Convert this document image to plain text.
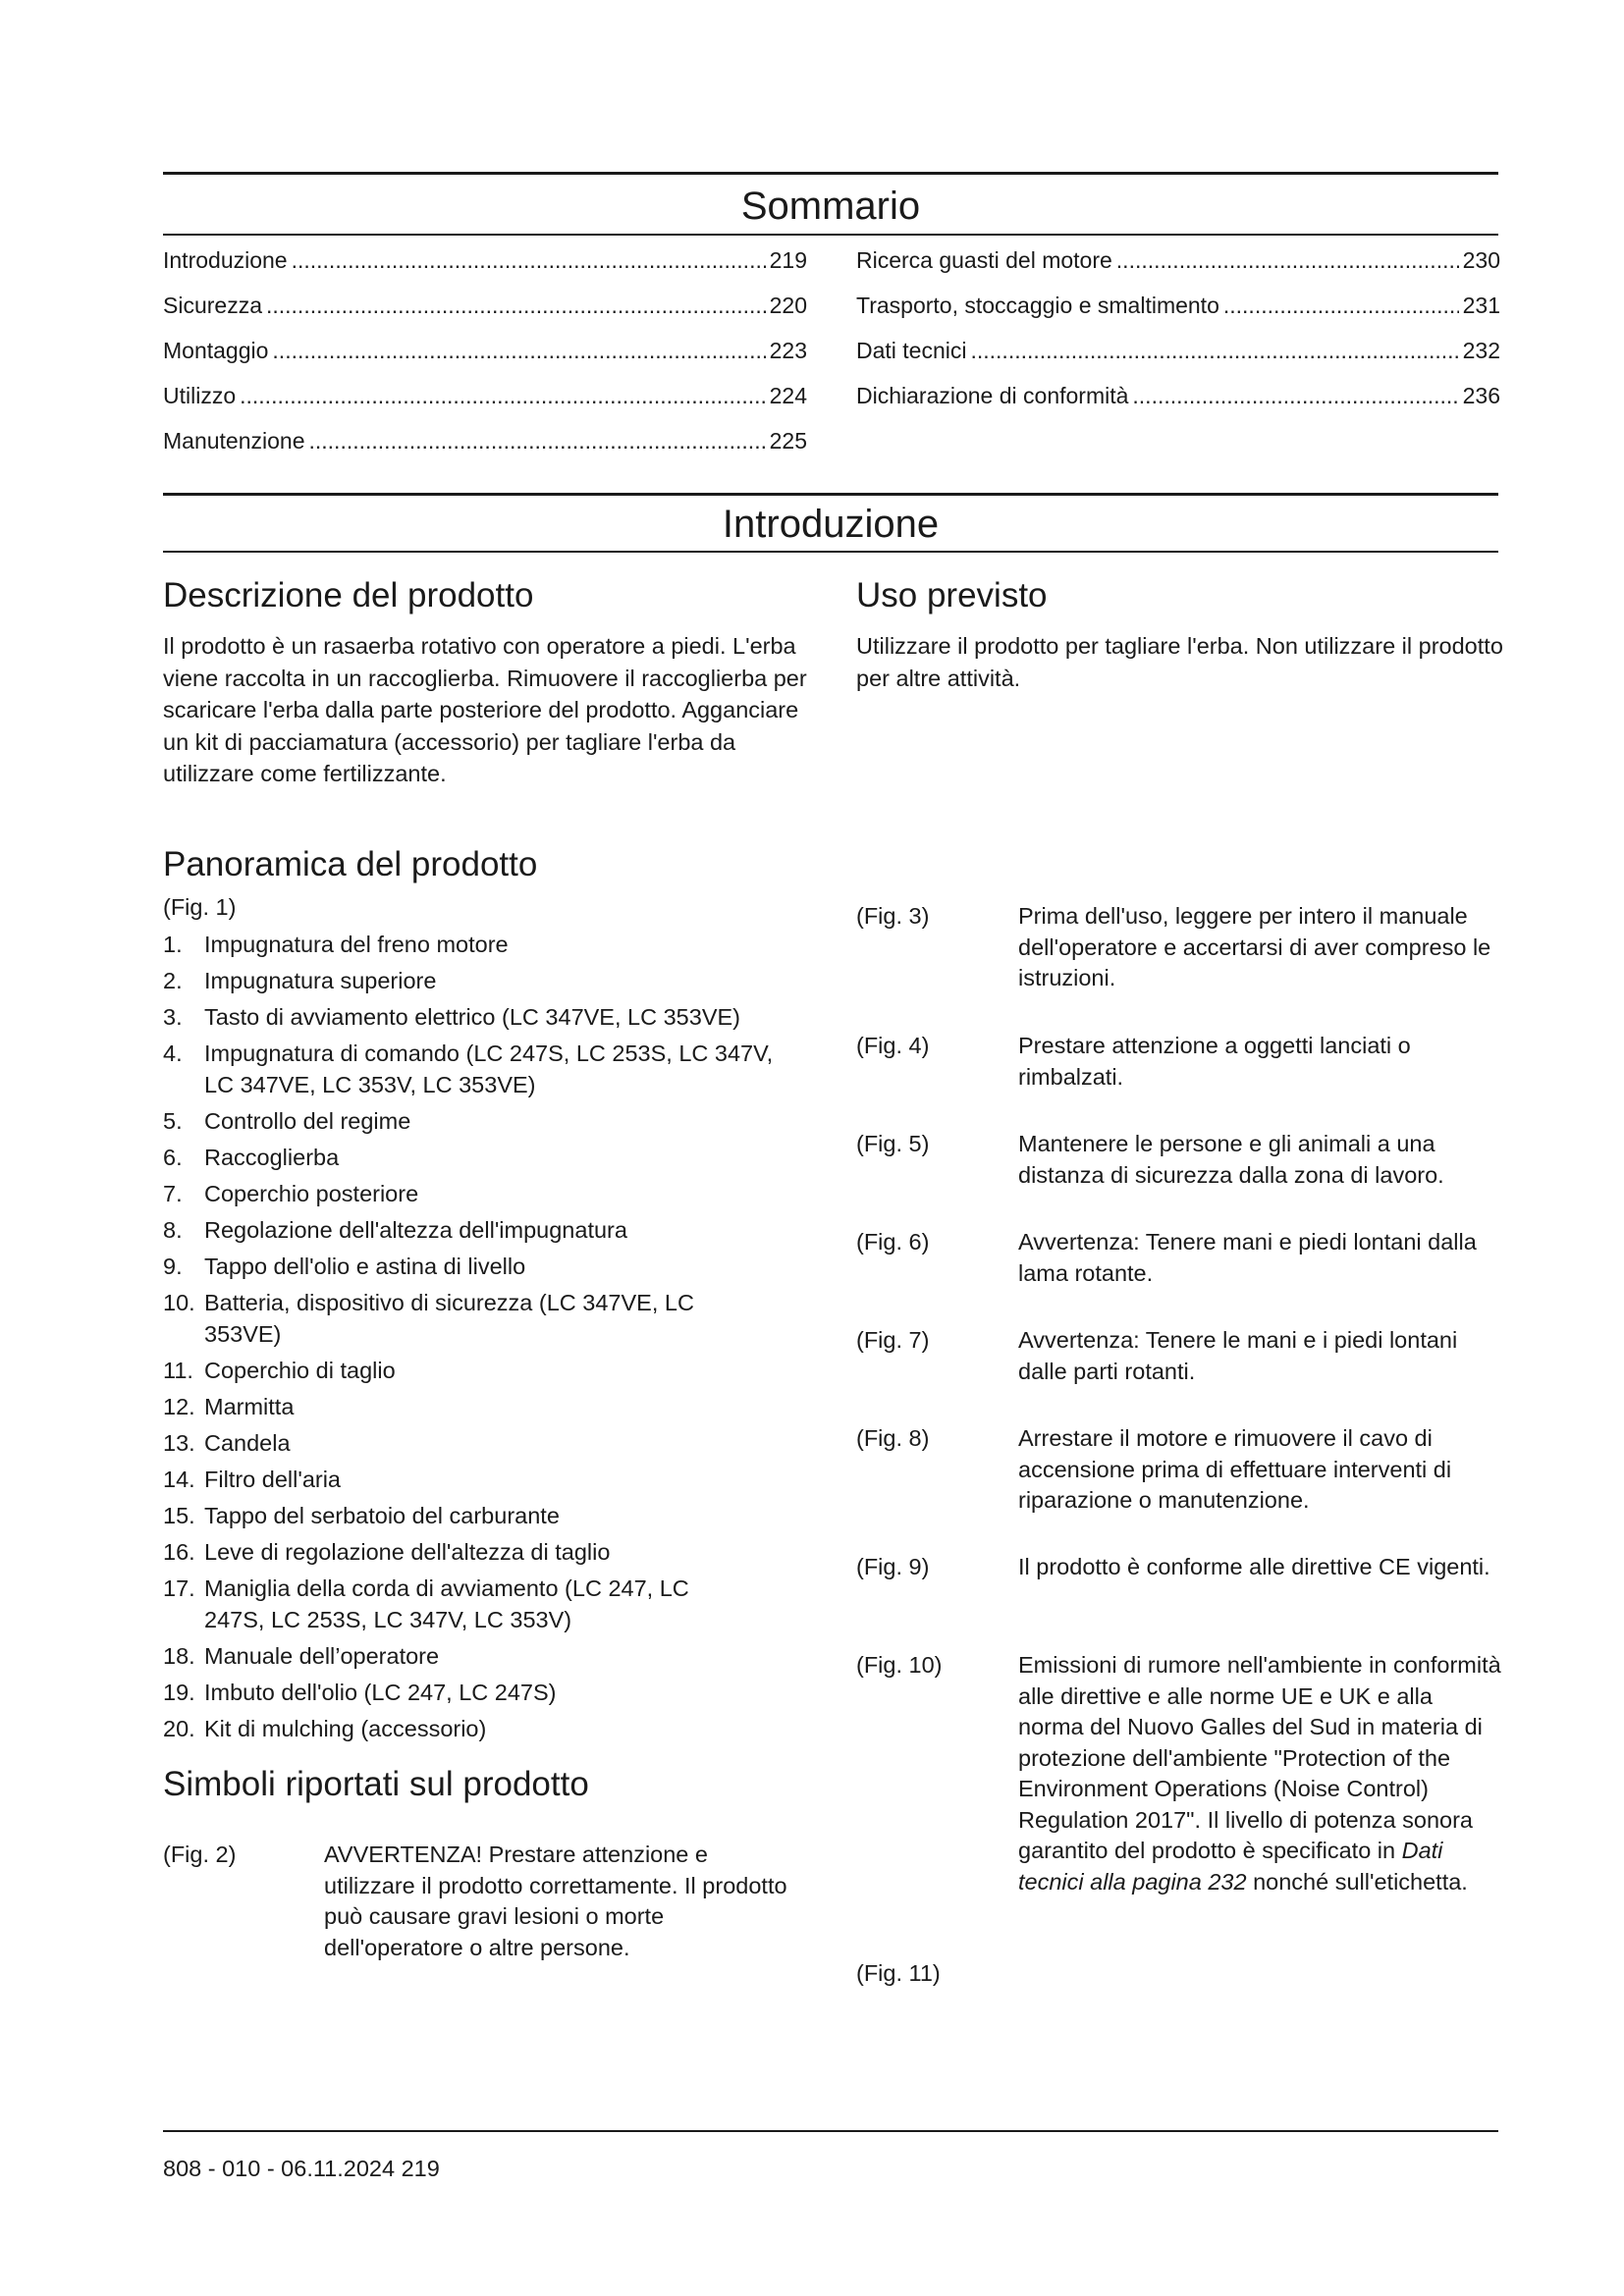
Sommario
Introduzione .....	219
Sicurezza .....	220
Montaggio .....	223
Utilizzo .....	224
Manutenzione .....	225
Ricerca guasti del motore .....	230
Trasporto, stoccaggio e smaltimento .....	231
Dati tecnici .....	232
Dichiarazione di conformità .....	236
Introduzione
Descrizione del prodotto
Il prodotto è un rasaerba rotativo con operatore a piedi. L'erba viene raccolta in un raccoglierba. Rimuovere il raccoglierba per scaricare l'erba dalla parte posteriore del prodotto. Agganciare un kit di pacciamatura (accessorio) per tagliare l'erba da utilizzare come fertilizzante.
Uso previsto
Utilizzare il prodotto per tagliare l'erba. Non utilizzare il prodotto per altre attività.
Panoramica del prodotto
(Fig. 1)
1. Impugnatura del freno motore
2. Impugnatura superiore
3. Tasto di avviamento elettrico (LC 347VE, LC 353VE)
4. Impugnatura di comando (LC 247S, LC 253S, LC 347V, LC 347VE, LC 353V, LC 353VE)
5. Controllo del regime
6. Raccoglierba
7. Coperchio posteriore
8. Regolazione dell'altezza dell'impugnatura
9. Tappo dell'olio e astina di livello
10. Batteria, dispositivo di sicurezza (LC 347VE, LC 353VE)
11. Coperchio di taglio
12. Marmitta
13. Candela
14. Filtro dell'aria
15. Tappo del serbatoio del carburante
16. Leve di regolazione dell'altezza di taglio
17. Maniglia della corda di avviamento (LC 247, LC 247S, LC 253S, LC 347V, LC 353V)
18. Manuale dell’operatore
19. Imbuto dell'olio (LC 247, LC 247S)
20. Kit di mulching (accessorio)
Simboli riportati sul prodotto
(Fig. 2)	AVVERTENZA! Prestare attenzione e utilizzare il prodotto correttamente. Il prodotto può causare gravi lesioni o morte dell'operatore o altre persone.
(Fig. 3)	Prima dell'uso, leggere per intero il manuale dell'operatore e accertarsi di aver compreso le istruzioni.
(Fig. 4)	Prestare attenzione a oggetti lanciati o rimbalzati.
(Fig. 5)	Mantenere le persone e gli animali a una distanza di sicurezza dalla zona di lavoro.
(Fig. 6)	Avvertenza: Tenere mani e piedi lontani dalla lama rotante.
(Fig. 7)	Avvertenza: Tenere le mani e i piedi lontani dalle parti rotanti.
(Fig. 8)	Arrestare il motore e rimuovere il cavo di accensione prima di effettuare interventi di riparazione o manutenzione.
(Fig. 9)	Il prodotto è conforme alle direttive CE vigenti.
(Fig. 10)	Emissioni di rumore nell'ambiente in conformità alle direttive e alle norme UE e UK e alla norma del Nuovo Galles del Sud in materia di protezione dell'ambiente "Protection of the Environment Operations (Noise Control) Regulation 2017". Il livello di potenza sonora garantito del prodotto è specificato in Dati tecnici alla pagina 232 nonché sull'etichetta.
(Fig. 11)
808 - 010 - 06.11.2024 219
